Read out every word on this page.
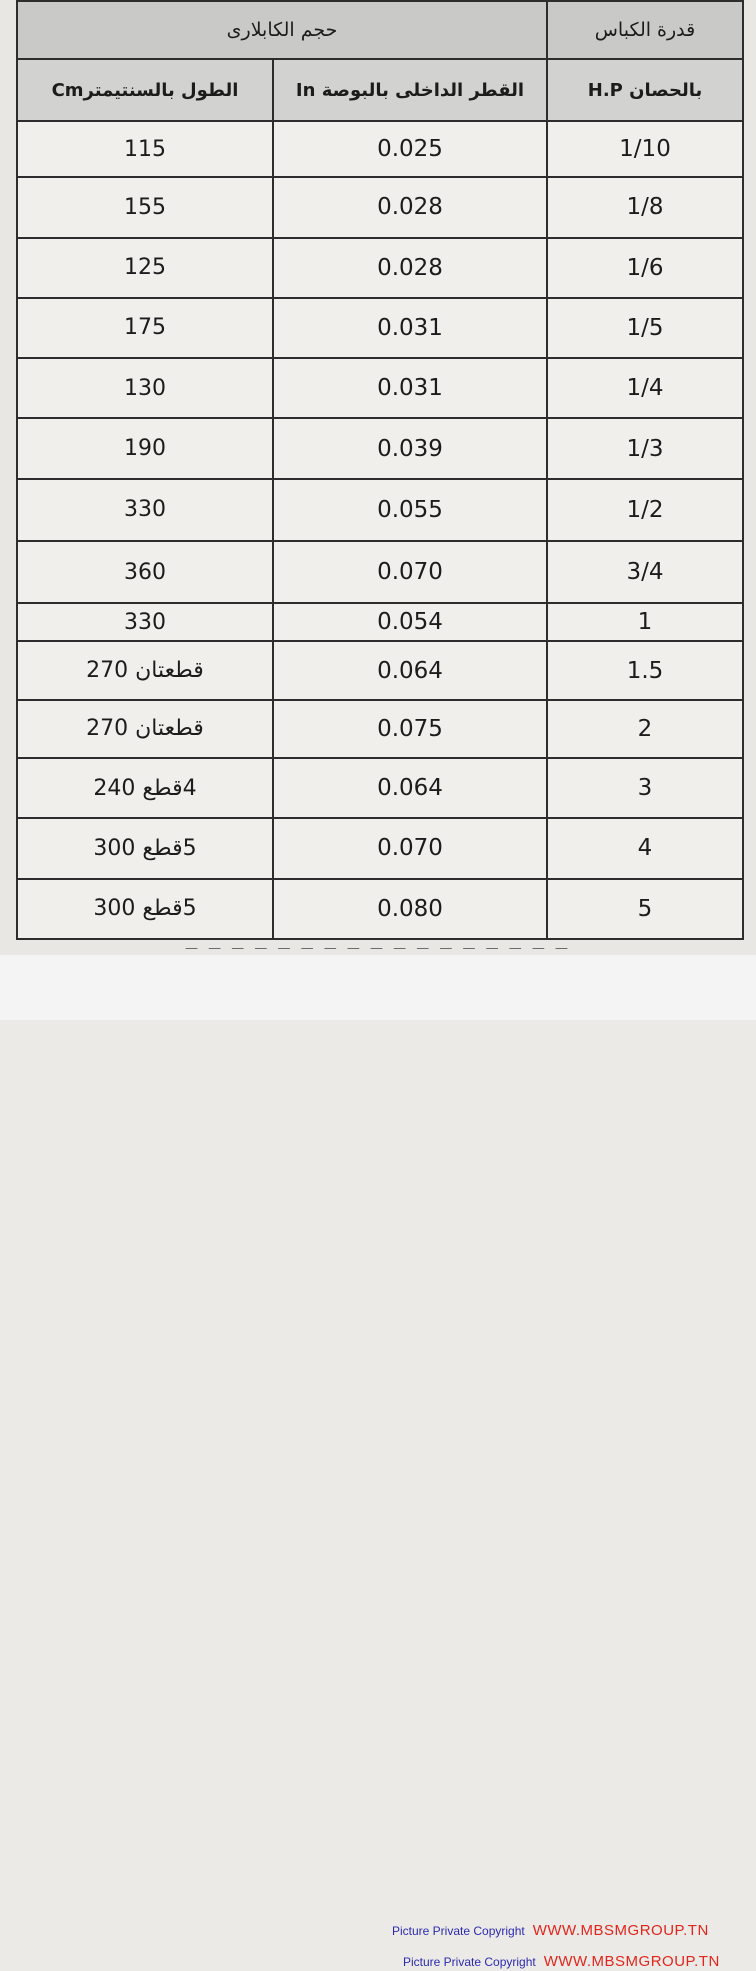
قدرة الكباس	حجم الكابلارى	
بالحصان H.P	القطر الداخلى بالبوصة In	الطول بالسنتيمترCm
1/10	0.025	115
1/8	0.028	155
1/6	0.028	125
1/5	0.031	175
1/4	0.031	130
1/3	0.039	190
1/2	0.055	330
3/4	0.070	360
1	0.054	330
1.5	0.064	قطعتان 270
2	0.075	قطعتان 270
3	0.064	4قطع 240
4	0.070	5قطع 300
5	0.080	5قطع 300
— — — — — — — — — — — — — — — — —
Picture Private Copyright WWW.MBSMGROUP.TN
Picture Private Copyright WWW.MBSMGROUP.TN
